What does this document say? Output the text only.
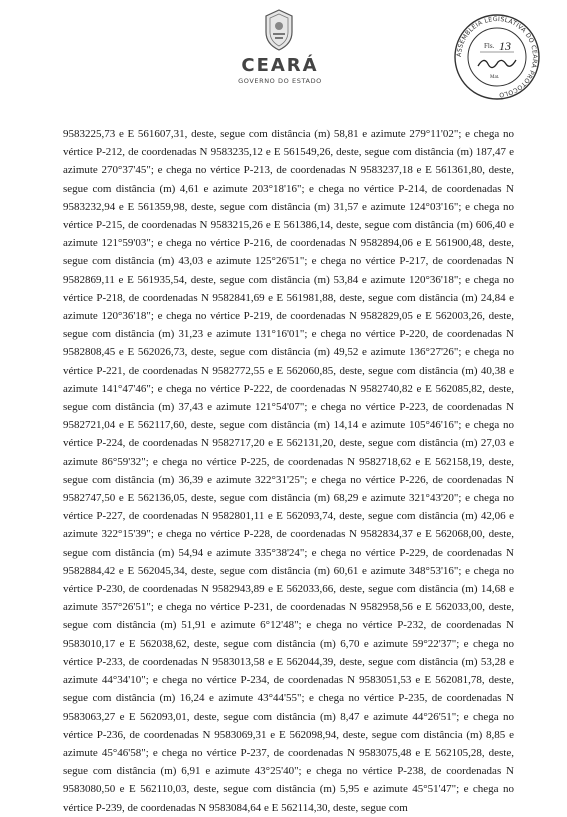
CEARÁ
GOVERNO DO ESTADO
ASSEMBLEIA LEGISLATIVA DO CEARÁ PROTOCOLO
Fls. 13
Mat.
9583225,73 e E 561607,31, deste, segue com distância (m) 58,81 e azimute 279°11'02"; e chega no vértice P-212, de coordenadas N 9583235,12 e E 561549,26, deste, segue com distância (m) 187,47 e azimute 270°37'45"; e chega no vértice P-213, de coordenadas N 9583237,18 e E 561361,80, deste, segue com distância (m) 4,61 e azimute 203°18'16"; e chega no vértice P-214, de coordenadas N 9583232,94 e E 561359,98, deste, segue com distância (m) 31,57 e azimute 124°03'16"; e chega no vértice P-215, de coordenadas N 9583215,26 e E 561386,14, deste, segue com distância (m) 606,40 e azimute 121°59'03"; e chega no vértice P-216, de coordenadas N 9582894,06 e E 561900,48, deste, segue com distância (m) 43,03 e azimute 125°26'51"; e chega no vértice P-217, de coordenadas N 9582869,11 e E 561935,54, deste, segue com distância (m) 53,84 e azimute 120°36'18"; e chega no vértice P-218, de coordenadas N 9582841,69 e E 561981,88, deste, segue com distância (m) 24,84 e azimute 120°36'18"; e chega no vértice P-219, de coordenadas N 9582829,05 e E 562003,26, deste, segue com distância (m) 31,23 e azimute 131°16'01"; e chega no vértice P-220, de coordenadas N 9582808,45 e E 562026,73, deste, segue com distância (m) 49,52 e azimute 136°27'26"; e chega no vértice P-221, de coordenadas N 9582772,55 e E 562060,85, deste, segue com distância (m) 40,38 e azimute 141°47'46"; e chega no vértice P-222, de coordenadas N 9582740,82 e E 562085,82, deste, segue com distância (m) 37,43 e azimute 121°54'07"; e chega no vértice P-223, de coordenadas N 9582721,04 e E 562117,60, deste, segue com distância (m) 14,14 e azimute 105°46'16"; e chega no vértice P-224, de coordenadas N 9582717,20 e E 562131,20, deste, segue com distância (m) 27,03 e azimute 86°59'32"; e chega no vértice P-225, de coordenadas N 9582718,62 e E 562158,19, deste, segue com distância (m) 36,39 e azimute 322°31'25"; e chega no vértice P-226, de coordenadas N 9582747,50 e E 562136,05, deste, segue com distância (m) 68,29 e azimute 321°43'20"; e chega no vértice P-227, de coordenadas N 9582801,11 e E 562093,74, deste, segue com distância (m) 42,06 e azimute 322°15'39"; e chega no vértice P-228, de coordenadas N 9582834,37 e E 562068,00, deste, segue com distância (m) 54,94 e azimute 335°38'24"; e chega no vértice P-229, de coordenadas N 9582884,42 e E 562045,34, deste, segue com distância (m) 60,61 e azimute 348°53'16"; e chega no vértice P-230, de coordenadas N 9582943,89 e E 562033,66, deste, segue com distância (m) 14,68 e azimute 357°26'51"; e chega no vértice P-231, de coordenadas N 9582958,56 e E 562033,00, deste, segue com distância (m) 51,91 e azimute 6°12'48"; e chega no vértice P-232, de coordenadas N 9583010,17 e E 562038,62, deste, segue com distância (m) 6,70 e azimute 59°22'37"; e chega no vértice P-233, de coordenadas N 9583013,58 e E 562044,39, deste, segue com distância (m) 53,28 e azimute 44°34'10"; e chega no vértice P-234, de coordenadas N 9583051,53 e E 562081,78, deste, segue com distância (m) 16,24 e azimute 43°44'55"; e chega no vértice P-235, de coordenadas N 9583063,27 e E 562093,01, deste, segue com distância (m) 8,47 e azimute 44°26'51"; e chega no vértice P-236, de coordenadas N 9583069,31 e E 562098,94, deste, segue com distância (m) 8,85 e azimute 45°46'58"; e chega no vértice P-237, de coordenadas N 9583075,48 e E 562105,28, deste, segue com distância (m) 6,91 e azimute 43°25'40"; e chega no vértice P-238, de coordenadas N 9583080,50 e E 562110,03, deste, segue com distância (m) 5,95 e azimute 45°51'47"; e chega no vértice P-239, de coordenadas N 9583084,64 e E 562114,30, deste, segue com
